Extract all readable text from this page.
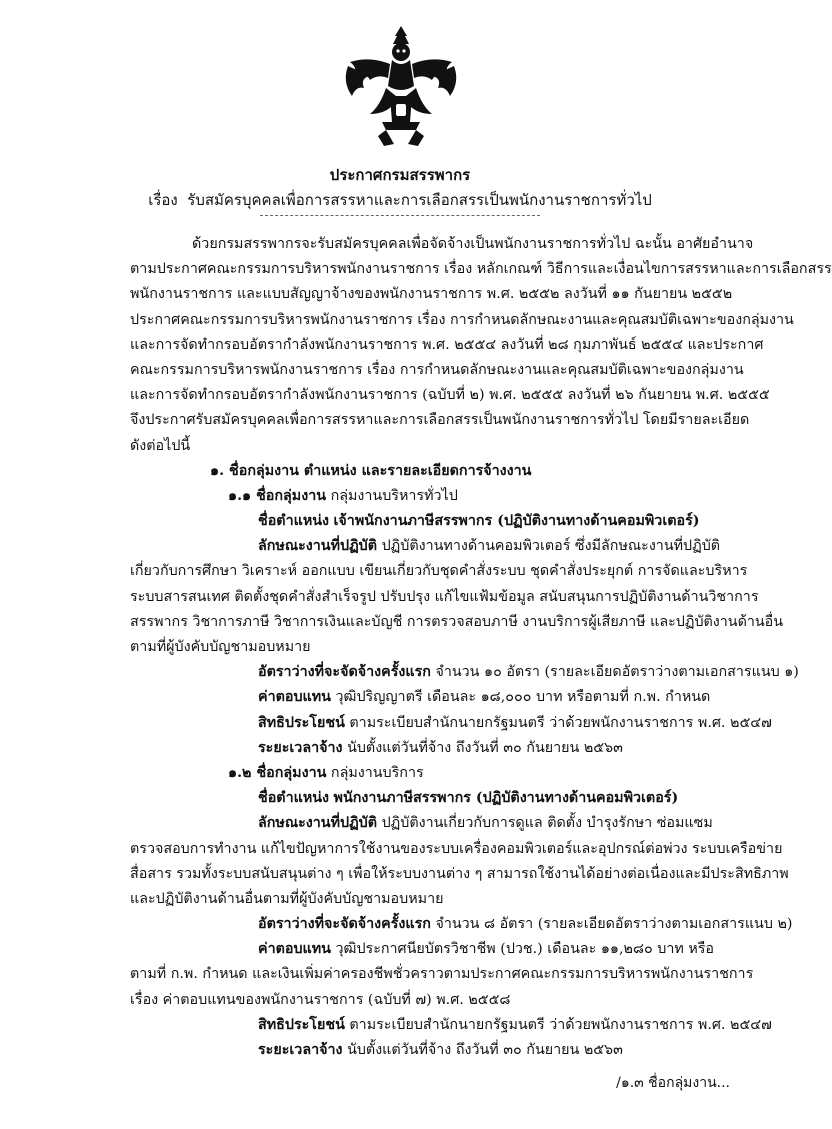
ประกาศกรมสรรพากร
เรื่อง รับสมัครบุคคลเพื่อการสรรหาและการเลือกสรรเป็นพนักงานราชการทั่วไป
ด้วยกรมสรรพากรจะรับสมัครบุคคลเพื่อจัดจ้างเป็นพนักงานราชการทั่วไป ฉะนั้น อาศัยอำนาจ
ตามประกาศคณะกรรมการบริหารพนักงานราชการ เรื่อง หลักเกณฑ์ วิธีการและเงื่อนไขการสรรหาและการเลือกสรร
พนักงานราชการ และแบบสัญญาจ้างของพนักงานราชการ พ.ศ. ๒๕๕๒ ลงวันที่ ๑๑ กันยายน ๒๕๕๒
ประกาศคณะกรรมการบริหารพนักงานราชการ เรื่อง การกำหนดลักษณะงานและคุณสมบัติเฉพาะของกลุ่มงาน
และการจัดทำกรอบอัตรากำลังพนักงานราชการ พ.ศ. ๒๕๕๔ ลงวันที่ ๒๘ กุมภาพันธ์ ๒๕๕๔ และประกาศ
คณะกรรมการบริหารพนักงานราชการ เรื่อง การกำหนดลักษณะงานและคุณสมบัติเฉพาะของกลุ่มงาน
และการจัดทำกรอบอัตรากำลังพนักงานราชการ (ฉบับที่ ๒) พ.ศ. ๒๕๕๕ ลงวันที่ ๒๖ กันยายน พ.ศ. ๒๕๕๕
จึงประกาศรับสมัครบุคคลเพื่อการสรรหาและการเลือกสรรเป็นพนักงานราชการทั่วไป โดยมีรายละเอียด
ดังต่อไปนี้
๑. ชื่อกลุ่มงาน ตำแหน่ง และรายละเอียดการจ้างงาน
๑.๑ ชื่อกลุ่มงาน กลุ่มงานบริหารทั่วไป
ชื่อตำแหน่ง เจ้าพนักงานภาษีสรรพากร (ปฏิบัติงานทางด้านคอมพิวเตอร์)
ลักษณะงานที่ปฏิบัติ ปฏิบัติงานทางด้านคอมพิวเตอร์ ซึ่งมีลักษณะงานที่ปฏิบัติ
เกี่ยวกับการศึกษา วิเคราะห์ ออกแบบ เขียนเกี่ยวกับชุดคำสั่งระบบ ชุดคำสั่งประยุกต์ การจัดและบริหาร
ระบบสารสนเทศ ติดตั้งชุดคำสั่งสำเร็จรูป ปรับปรุง แก้ไขแฟ้มข้อมูล สนับสนุนการปฏิบัติงานด้านวิชาการ
สรรพากร วิชาการภาษี วิชาการเงินและบัญชี การตรวจสอบภาษี งานบริการผู้เสียภาษี และปฏิบัติงานด้านอื่น
ตามที่ผู้บังคับบัญชามอบหมาย
อัตราว่างที่จะจัดจ้างครั้งแรก จำนวน ๑๐ อัตรา (รายละเอียดอัตราว่างตามเอกสารแนบ ๑)
ค่าตอบแทน วุฒิปริญญาตรี เดือนละ ๑๘,๐๐๐ บาท หรือตามที่ ก.พ. กำหนด
สิทธิประโยชน์ ตามระเบียบสำนักนายกรัฐมนตรี ว่าด้วยพนักงานราชการ พ.ศ. ๒๕๔๗
ระยะเวลาจ้าง นับตั้งแต่วันที่จ้าง ถึงวันที่ ๓๐ กันยายน ๒๕๖๓
๑.๒ ชื่อกลุ่มงาน กลุ่มงานบริการ
ชื่อตำแหน่ง พนักงานภาษีสรรพากร (ปฏิบัติงานทางด้านคอมพิวเตอร์)
ลักษณะงานที่ปฏิบัติ ปฏิบัติงานเกี่ยวกับการดูแล ติดตั้ง บำรุงรักษา ซ่อมแซม
ตรวจสอบการทำงาน แก้ไขปัญหาการใช้งานของระบบเครื่องคอมพิวเตอร์และอุปกรณ์ต่อพ่วง ระบบเครือข่าย
สื่อสาร รวมทั้งระบบสนับสนุนต่าง ๆ เพื่อให้ระบบงานต่าง ๆ สามารถใช้งานได้อย่างต่อเนื่องและมีประสิทธิภาพ
และปฏิบัติงานด้านอื่นตามที่ผู้บังคับบัญชามอบหมาย
อัตราว่างที่จะจัดจ้างครั้งแรก จำนวน ๘ อัตรา (รายละเอียดอัตราว่างตามเอกสารแนบ ๒)
ค่าตอบแทน วุฒิประกาศนียบัตรวิชาชีพ (ปวช.) เดือนละ ๑๑,๒๘๐ บาท หรือ
ตามที่ ก.พ. กำหนด และเงินเพิ่มค่าครองชีพชั่วคราวตามประกาศคณะกรรมการบริหารพนักงานราชการ
เรื่อง ค่าตอบแทนของพนักงานราชการ (ฉบับที่ ๗) พ.ศ. ๒๕๕๘
สิทธิประโยชน์ ตามระเบียบสำนักนายกรัฐมนตรี ว่าด้วยพนักงานราชการ พ.ศ. ๒๕๔๗
ระยะเวลาจ้าง นับตั้งแต่วันที่จ้าง ถึงวันที่ ๓๐ กันยายน ๒๕๖๓
/๑.๓ ชื่อกลุ่มงาน...
